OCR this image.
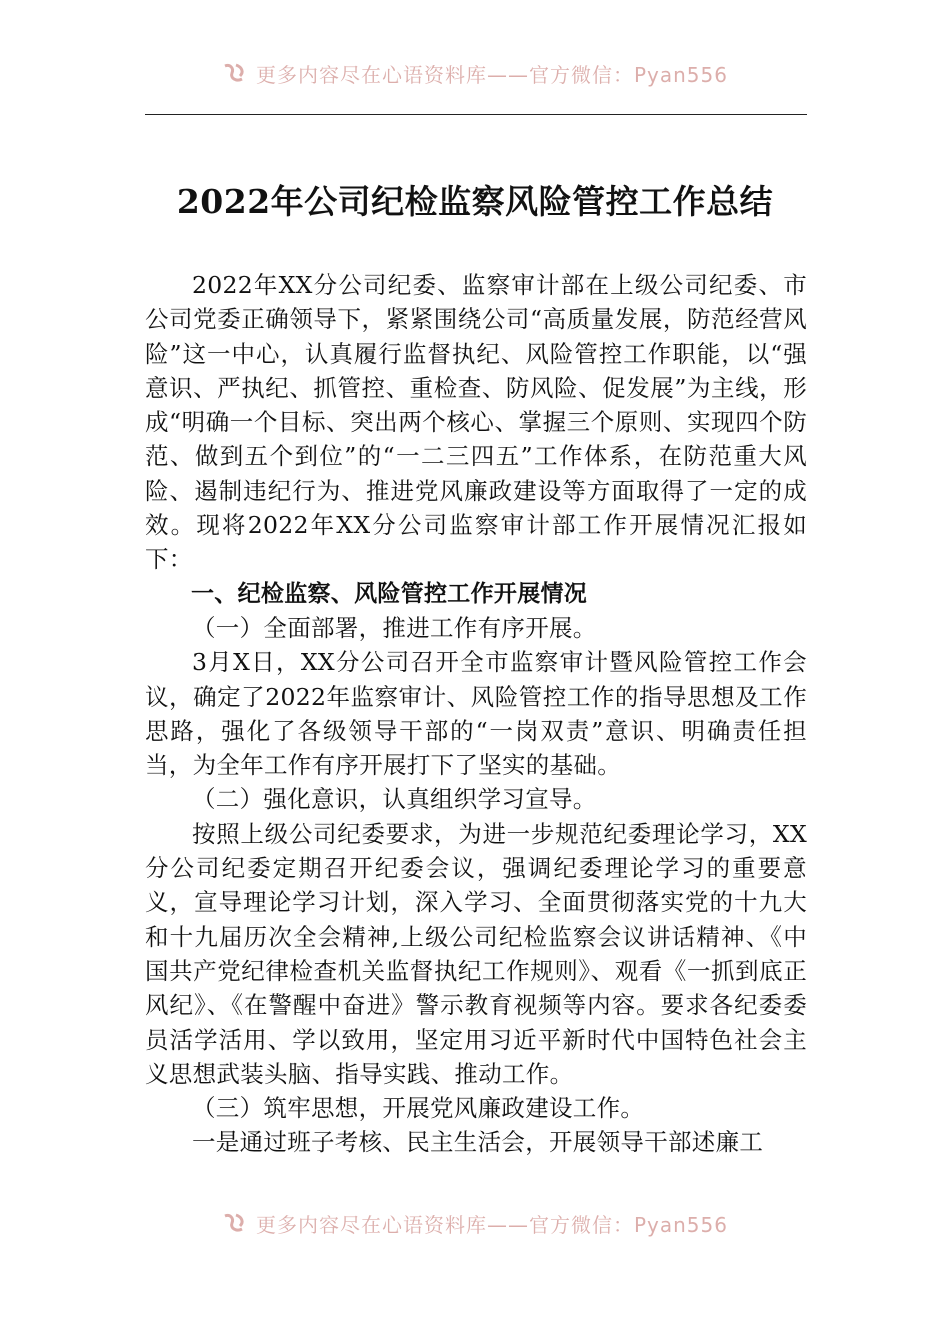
更多内容尽在心语资料库——官方微信：Pyan556
2022年公司纪检监察风险管控工作总结

2022年XX分公司纪委、监察审计部在上级公司纪委、市公司党委正确领导下，紧紧围绕公司“高质量发展，防范经营风险”这一中心，认真履行监督执纪、风险管控工作职能，以“强意识、严执纪、抓管控、重检查、防风险、促发展”为主线，形成“明确一个目标、突出两个核心、掌握三个原则、实现四个防范、做到五个到位”的“一二三四五”工作体系，在防范重大风险、遏制违纪行为、推进党风廉政建设等方面取得了一定的成效。现将2022年XX分公司监察审计部工作开展情况汇报如下：

一、纪检监察、风险管控工作开展情况

（一）全面部署，推进工作有序开展。

3月X日，XX分公司召开全市监察审计暨风险管控工作会议，确定了2022年监察审计、风险管控工作的指导思想及工作思路，强化了各级领导干部的“一岗双责”意识、明确责任担当，为全年工作有序开展打下了坚实的基础。

（二）强化意识，认真组织学习宣导。

按照上级公司纪委要求，为进一步规范纪委理论学习，XX分公司纪委定期召开纪委会议，强调纪委理论学习的重要意义，宣导理论学习计划，深入学习、全面贯彻落实党的十九大和十九届历次全会精神,上级公司纪检监察会议讲话精神、《中国共产党纪律检查机关监督执纪工作规则》、观看《一抓到底正风纪》、《在警醒中奋进》警示教育视频等内容。要求各纪委委员活学活用、学以致用，坚定用习近平新时代中国特色社会主义思想武装头脑、指导实践、推动工作。

（三）筑牢思想，开展党风廉政建设工作。

一是通过班子考核、民主生活会，开展领导干部述廉工

更多内容尽在心语资料库——官方微信：Pyan556
